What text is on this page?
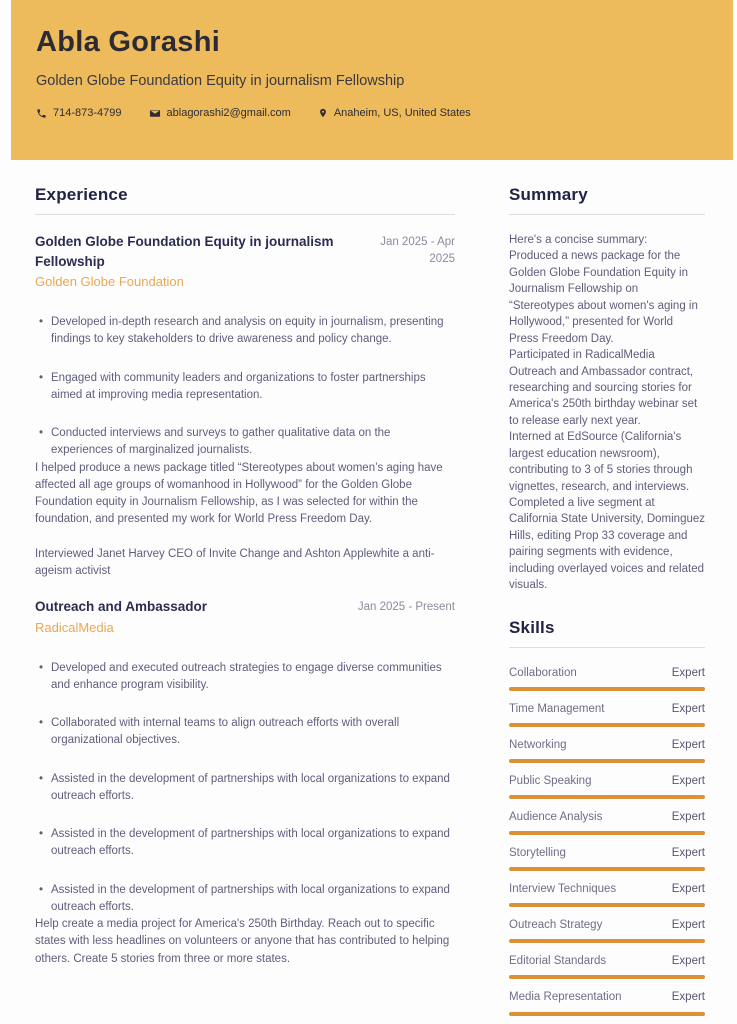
Abla Gorashi
Golden Globe Foundation Equity in journalism Fellowship
714-873-4799	ablagorashi2@gmail.com	Anaheim, US, United States
Experience
Golden Globe Foundation Equity in journalism Fellowship
Jan 2025 - Apr 2025
Golden Globe Foundation
• Developed in-depth research and analysis on equity in journalism, presenting findings to key stakeholders to drive awareness and policy change.
• Engaged with community leaders and organizations to foster partnerships aimed at improving media representation.
• Conducted interviews and surveys to gather qualitative data on the experiences of marginalized journalists.

I helped produce a news package titled “Stereotypes about women’s aging have affected all age groups of womanhood in Hollywood” for the Golden Globe Foundation equity in Journalism Fellowship, as I was selected for within the foundation, and presented my work for World Press Freedom Day.

Interviewed Janet Harvey CEO of Invite Change and Ashton Applewhite a anti-ageism activist

Outreach and Ambassador	Jan 2025 - Present
RadicalMedia
• Developed and executed outreach strategies to engage diverse communities and enhance program visibility.
• Collaborated with internal teams to align outreach efforts with overall organizational objectives.
• Assisted in the development of partnerships with local organizations to expand outreach efforts.
• Assisted in the development of partnerships with local organizations to expand outreach efforts.
• Assisted in the development of partnerships with local organizations to expand outreach efforts.

Help create a media project for America's 250th Birthday. Reach out to specific states with less headlines on volunteers or anyone that has contributed to helping others. Create 5 stories from three or more states.

Summary

Here's a concise summary:

Produced a news package for the Golden Globe Foundation Equity in Journalism Fellowship on “Stereotypes about women's aging in Hollywood,” presented for World Press Freedom Day.

Participated in RadicalMedia Outreach and Ambassador contract, researching and sourcing stories for America's 250th birthday webinar set to release early next year.

Interned at EdSource (California's largest education newsroom), contributing to 3 of 5 stories through vignettes, research, and interviews.

Completed a live segment at California State University, Dominguez Hills, editing Prop 33 coverage and pairing segments with evidence, including overlayed voices and related visuals.

Skills
Collaboration	Expert
Time Management	Expert
Networking	Expert
Public Speaking	Expert
Audience Analysis	Expert
Storytelling	Expert
Interview Techniques	Expert
Outreach Strategy	Expert
Editorial Standards	Expert
Media Representation	Expert
